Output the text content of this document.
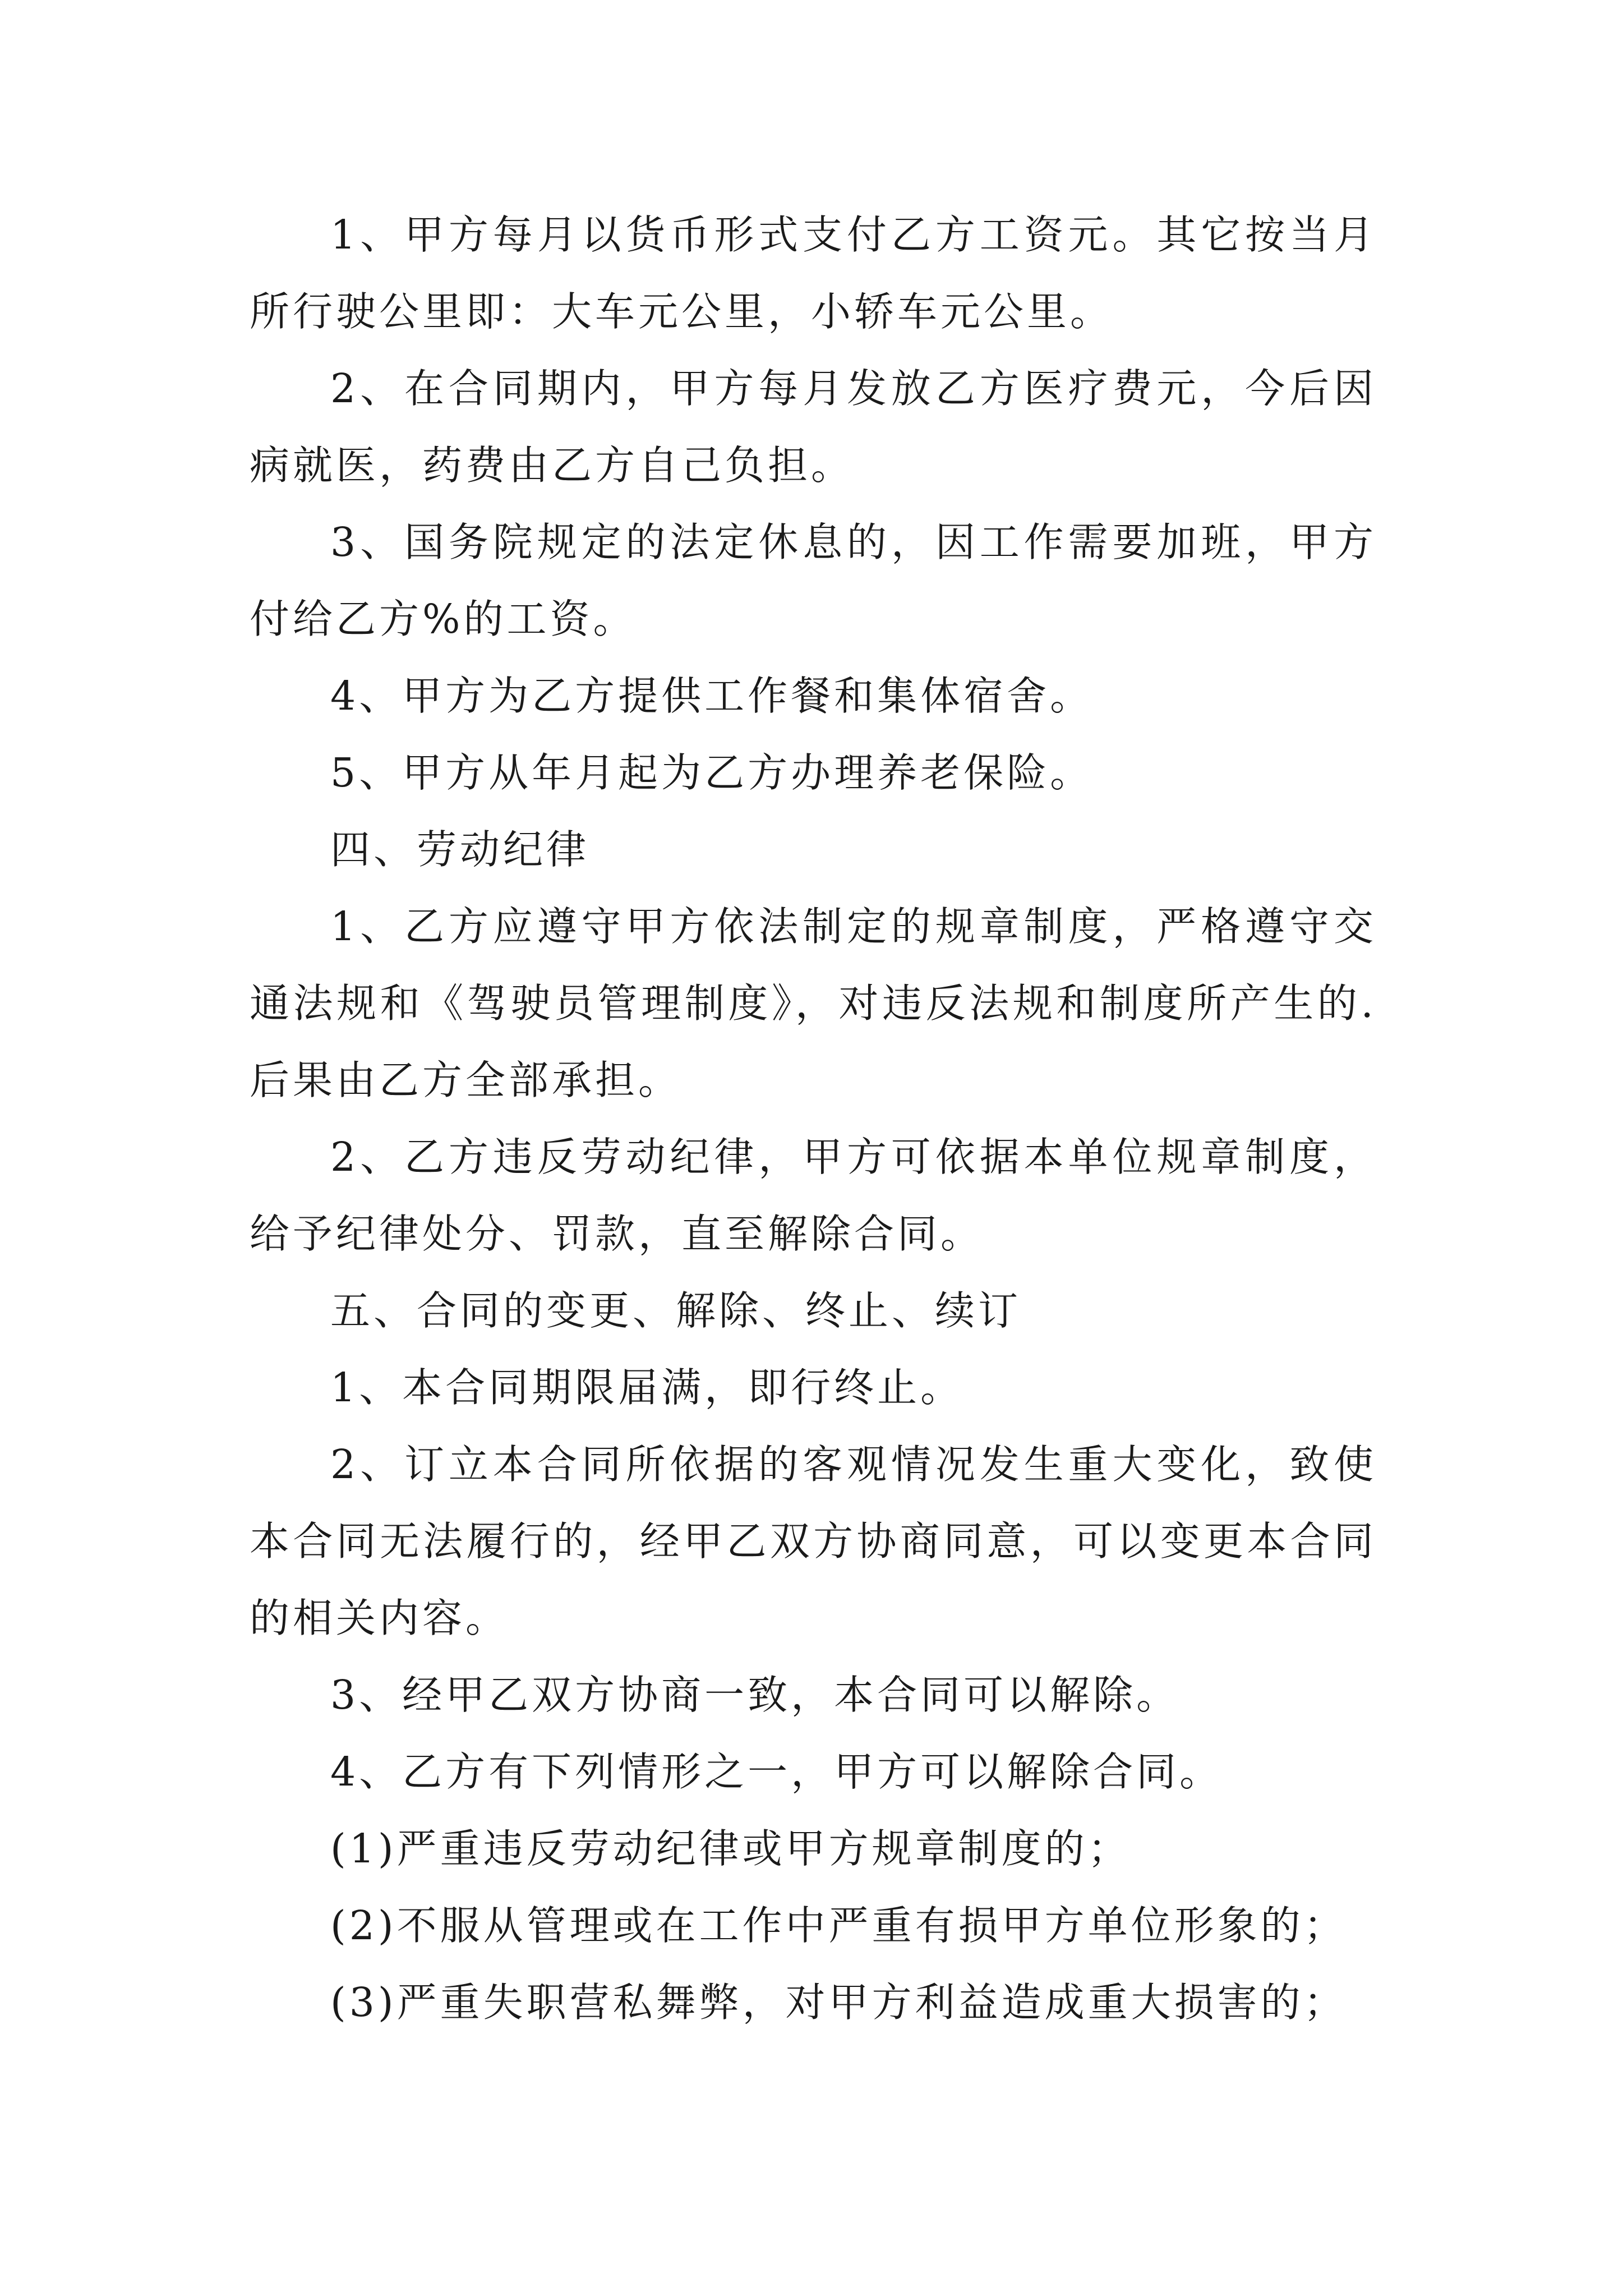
1、甲方每月以货币形式支付乙方工资元。其它按当月所行驶公里即：大车元公里，小轿车元公里。

2、在合同期内，甲方每月发放乙方医疗费元，今后因病就医，药费由乙方自己负担。

3、国务院规定的法定休息的，因工作需要加班，甲方付给乙方%的工资。

4、甲方为乙方提供工作餐和集体宿舍。

5、甲方从年月起为乙方办理养老保险。

四、劳动纪律

1、乙方应遵守甲方依法制定的规章制度，严格遵守交通法规和《驾驶员管理制度》，对违反法规和制度所产生的.后果由乙方全部承担。

2、乙方违反劳动纪律，甲方可依据本单位规章制度，给予纪律处分、罚款，直至解除合同。

五、合同的变更、解除、终止、续订

1、本合同期限届满，即行终止。

2、订立本合同所依据的客观情况发生重大变化，致使本合同无法履行的，经甲乙双方协商同意，可以变更本合同的相关内容。

3、经甲乙双方协商一致，本合同可以解除。

4、乙方有下列情形之一，甲方可以解除合同。

(1)严重违反劳动纪律或甲方规章制度的；

(2)不服从管理或在工作中严重有损甲方单位形象的；

(3)严重失职营私舞弊，对甲方利益造成重大损害的；
